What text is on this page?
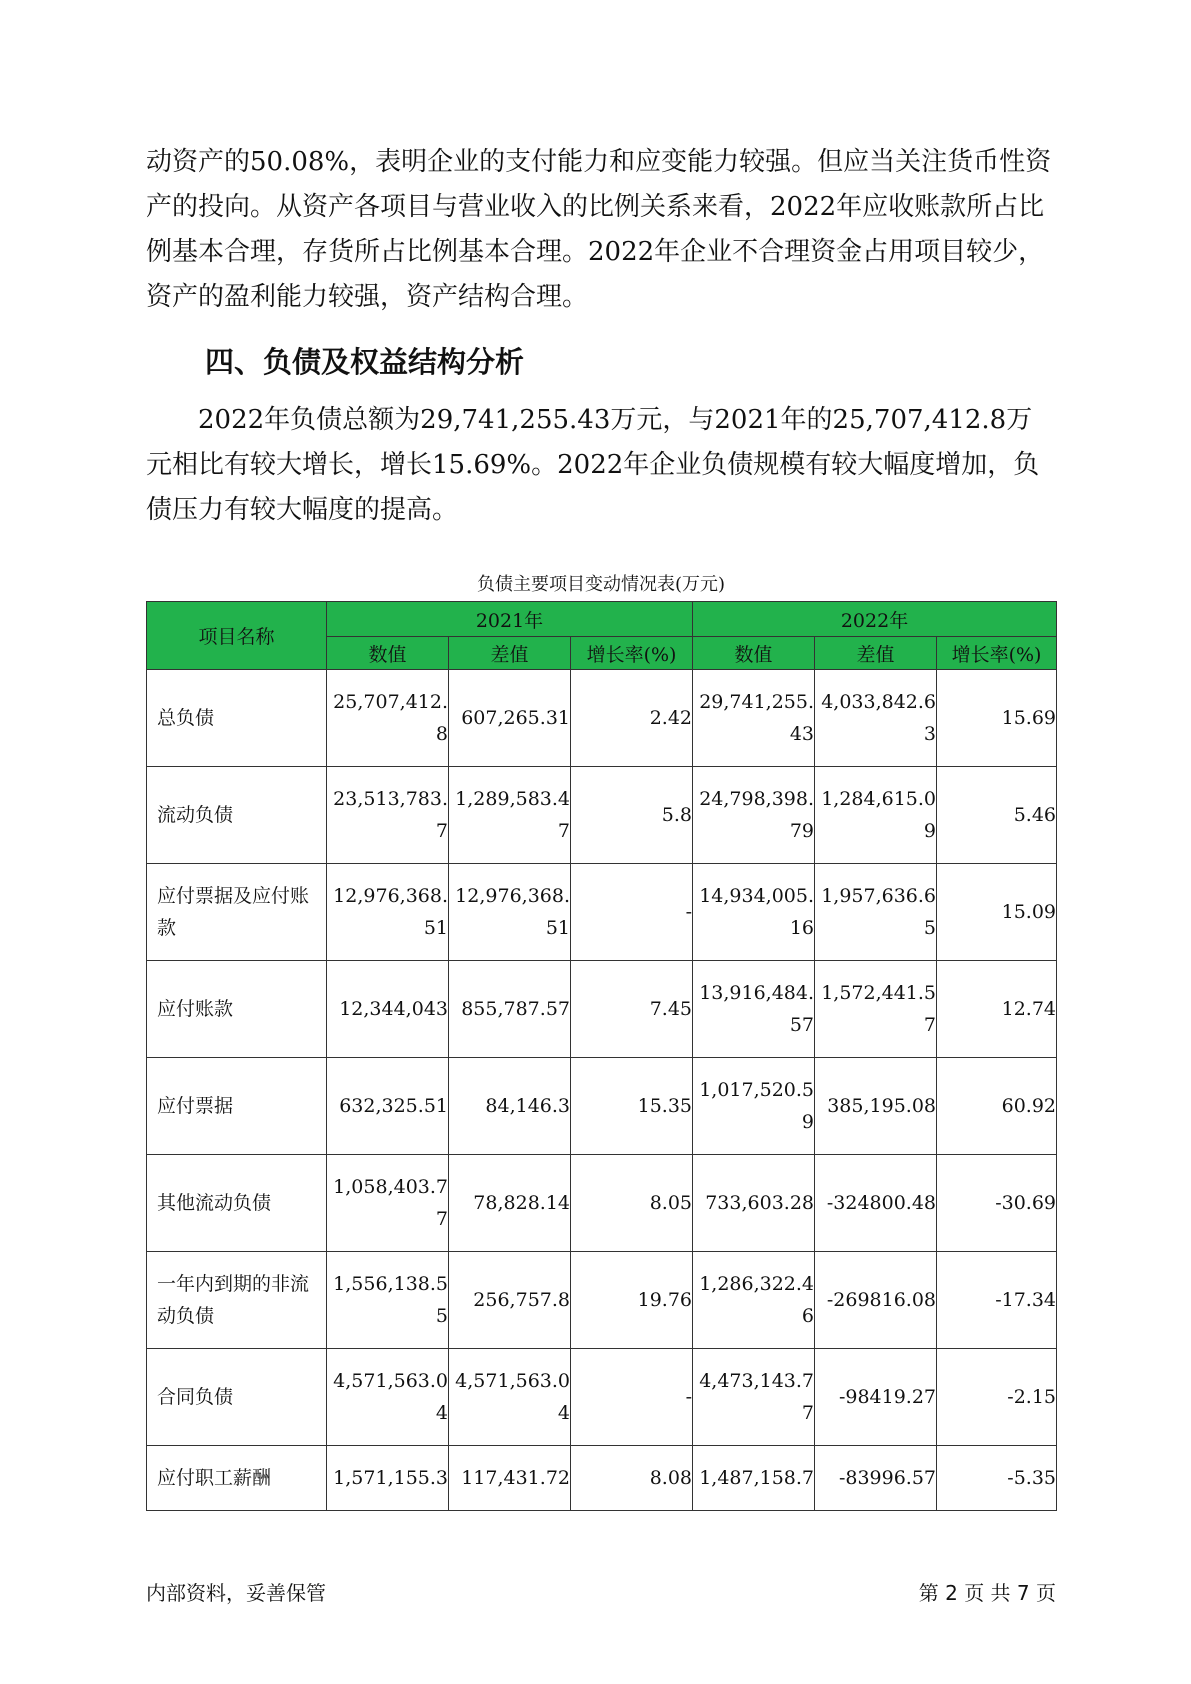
动资产的50.08%，表明企业的支付能力和应变能力较强。但应当关注货币性资产的投向。从资产各项目与营业收入的比例关系来看，2022年应收账款所占比例基本合理，存货所占比例基本合理。2022年企业不合理资金占用项目较少，资产的盈利能力较强，资产结构合理。

四、负债及权益结构分析

2022年负债总额为29,741,255.43万元，与2021年的25,707,412.8万元相比有较大增长，增长15.69%。2022年企业负债规模有较大幅度增加，负债压力有较大幅度的提高。

负债主要项目变动情况表(万元)

项目名称	2021年			2022年		
	数值	差值	增长率(%)	数值	差值	增长率(%)
总负债	25,707,412.8	607,265.31	2.42	29,741,255.43	4,033,842.63	15.69
流动负债	23,513,783.7	1,289,583.47	5.8	24,798,398.79	1,284,615.09	5.46
应付票据及应付账款	12,976,368.51	12,976,368.51	-	14,934,005.16	1,957,636.65	15.09
应付账款	12,344,043	855,787.57	7.45	13,916,484.57	1,572,441.57	12.74
应付票据	632,325.51	84,146.3	15.35	1,017,520.59	385,195.08	60.92
其他流动负债	1,058,403.77	78,828.14	8.05	733,603.28	-324800.48	-30.69
一年内到期的非流动负债	1,556,138.55	256,757.8	19.76	1,286,322.46	-269816.08	-17.34
合同负债	4,571,563.04	4,571,563.04	-	4,473,143.77	-98419.27	-2.15
应付职工薪酬	1,571,155.3	117,431.72	8.08	1,487,158.7	-83996.57	-5.35
内部资料，妥善保管	第 2 页 共 7 页
